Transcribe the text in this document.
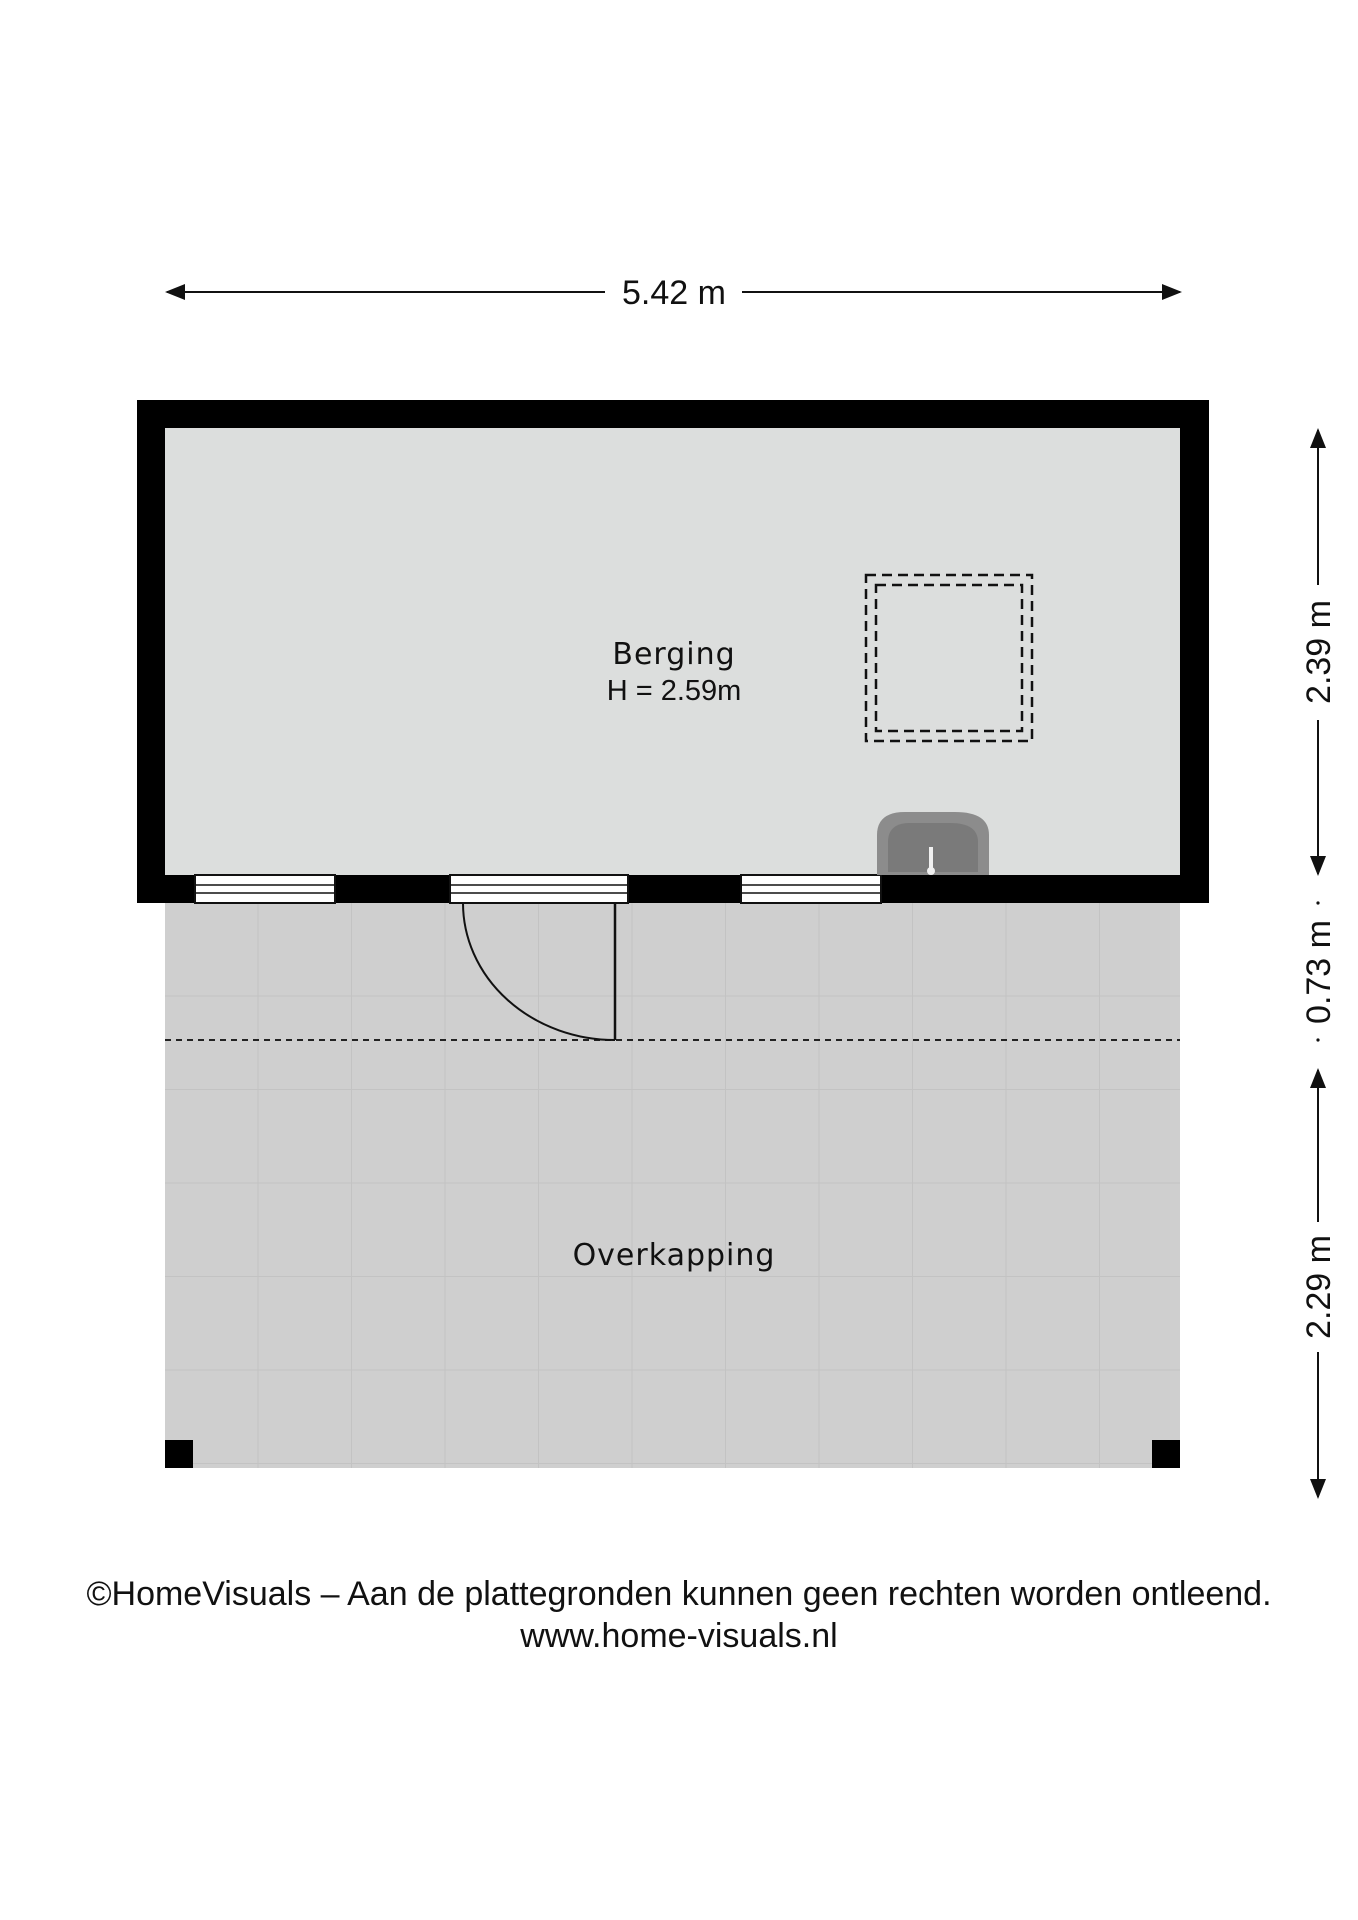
Berging
H = 2.59m
Overkapping
5.42 m
2.39 m
0.73 m
2.29 m
©HomeVisuals – Aan de plattegronden kunnen geen rechten worden ontleend.
www.home-visuals.nl
